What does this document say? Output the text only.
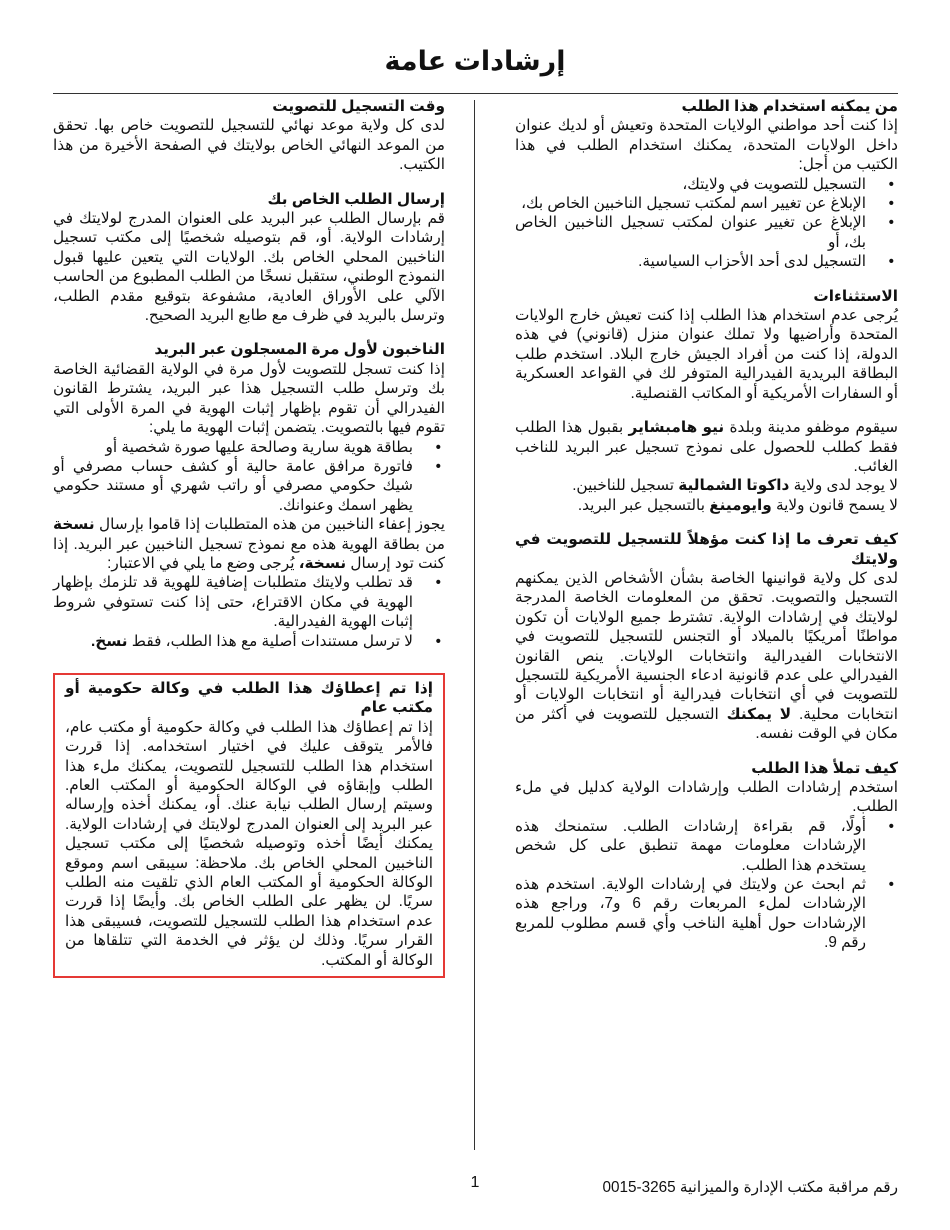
إرشادات عامة

من يمكنه استخدام هذا الطلب

إذا كنت أحد مواطني الولايات المتحدة وتعيش أو لديك عنوان داخل الولايات المتحدة، يمكنك استخدام الطلب في هذا الكتيب من أجل:

• التسجيل للتصويت في ولايتك،
• الإبلاغ عن تغيير اسم لمكتب تسجيل الناخبين الخاص بك،
• الإبلاغ عن تغيير عنوان لمكتب تسجيل الناخبين الخاص بك، أو
• التسجيل لدى أحد الأحزاب السياسية.

الاستثناءات

يُرجى عدم استخدام هذا الطلب إذا كنت تعيش خارج الولايات المتحدة وأراضيها ولا تملك عنوان منزل (قانوني) في هذه الدولة، إذا كنت من أفراد الجيش خارج البلاد. استخدم طلب البطاقة البريدية الفيدرالية المتوفر لك في القواعد العسكرية أو السفارات الأمريكية أو المكاتب القنصلية.

سيقوم موظفو مدينة وبلدة نيو هامبشاير بقبول هذا الطلب فقط كطلب للحصول على نموذج تسجيل عبر البريد للناخب الغائب.

لا يوجد لدى ولاية داكوتا الشمالية تسجيل للناخبين.

لا يسمح قانون ولاية وايومينغ بالتسجيل عبر البريد.

كيف تعرف ما إذا كنت مؤهلاً للتسجيل للتصويت في ولايتك

لدى كل ولاية قوانينها الخاصة بشأن الأشخاص الذين يمكنهم التسجيل والتصويت. تحقق من المعلومات الخاصة المدرجة لولايتك في إرشادات الولاية. تشترط جميع الولايات أن تكون مواطنًا أمريكيًا بالميلاد أو التجنس للتسجيل للتصويت في الانتخابات الفيدرالية وانتخابات الولايات. ينص القانون الفيدرالي على عدم قانونية ادعاء الجنسية الأمريكية للتسجيل للتصويت في أي انتخابات فيدرالية أو انتخابات الولايات أو انتخابات محلية. لا يمكنك التسجيل للتصويت في أكثر من مكان في الوقت نفسه.

كيف تملأ هذا الطلب

استخدم إرشادات الطلب وإرشادات الولاية كدليل في ملء الطلب.

• أولًا، قم بقراءة إرشادات الطلب. ستمنحك هذه الإرشادات معلومات مهمة تنطبق على كل شخص يستخدم هذا الطلب.
• ثم ابحث عن ولايتك في إرشادات الولاية. استخدم هذه الإرشادات لملء المربعات رقم 6 و7، وراجع هذه الإرشادات حول أهلية الناخب وأي قسم مطلوب للمربع رقم 9.

وقت التسجيل للتصويت

لدى كل ولاية موعد نهائي للتسجيل للتصويت خاص بها. تحقق من الموعد النهائي الخاص بولايتك في الصفحة الأخيرة من هذا الكتيب.

إرسال الطلب الخاص بك

قم بإرسال الطلب عبر البريد على العنوان المدرج لولايتك في إرشادات الولاية. أو، قم بتوصيله شخصيًا إلى مكتب تسجيل الناخبين المحلي الخاص بك. الولايات التي يتعين عليها قبول النموذج الوطني، ستقبل نسخًا من الطلب المطبوع من الحاسب الآلي على الأوراق العادية، مشفوعة بتوقيع مقدم الطلب، وترسل بالبريد في ظرف مع طابع البريد الصحيح.

الناخبون لأول مرة المسجلون عبر البريد

إذا كنت تسجل للتصويت لأول مرة في الولاية القضائية الخاصة بك وترسل طلب التسجيل هذا عبر البريد، يشترط القانون الفيدرالي أن تقوم بإظهار إثبات الهوية في المرة الأولى التي تقوم فيها بالتصويت. يتضمن إثبات الهوية ما يلي:

• بطاقة هوية سارية وصالحة عليها صورة شخصية أو
• فاتورة مرافق عامة حالية أو كشف حساب مصرفي أو شيك حكومي مصرفي أو راتب شهري أو مستند حكومي يظهر اسمك وعنوانك.

يجوز إعفاء الناخبين من هذه المتطلبات إذا قاموا بإرسال نسخة من بطاقة الهوية هذه مع نموذج تسجيل الناخبين عبر البريد. إذا كنت تود إرسال نسخة، يُرجى وضع ما يلي في الاعتبار:

• قد تطلب ولايتك متطلبات إضافية للهوية قد تلزمك بإظهار الهوية في مكان الاقتراع، حتى إذا كنت تستوفي شروط إثبات الهوية الفيدرالية.
• لا ترسل مستندات أصلية مع هذا الطلب، فقط نسخ.

إذا تم إعطاؤك هذا الطلب في وكالة حكومية أو مكتب عام

إذا تم إعطاؤك هذا الطلب في وكالة حكومية أو مكتب عام، فالأمر يتوقف عليك في اختيار استخدامه. إذا قررت استخدام هذا الطلب للتسجيل للتصويت، يمكنك ملء هذا الطلب وإبقاؤه في الوكالة الحكومية أو المكتب العام. وسيتم إرسال الطلب نيابة عنك. أو، يمكنك أخذه وإرساله عبر البريد إلى العنوان المدرج لولايتك في إرشادات الولاية. يمكنك أيضًا أخذه وتوصيله شخصيًا إلى مكتب تسجيل الناخبين المحلي الخاص بك. ملاحظة: سيبقى اسم وموقع الوكالة الحكومية أو المكتب العام الذي تلقيت منه الطلب سريًا. لن يظهر على الطلب الخاص بك. وأيضًا إذا قررت عدم استخدام هذا الطلب للتسجيل للتصويت، فسيبقى هذا القرار سريًا. وذلك لن يؤثر في الخدمة التي تتلقاها من الوكالة أو المكتب.

1	رقم مراقبة مكتب الإدارة والميزانية 3265-0015
